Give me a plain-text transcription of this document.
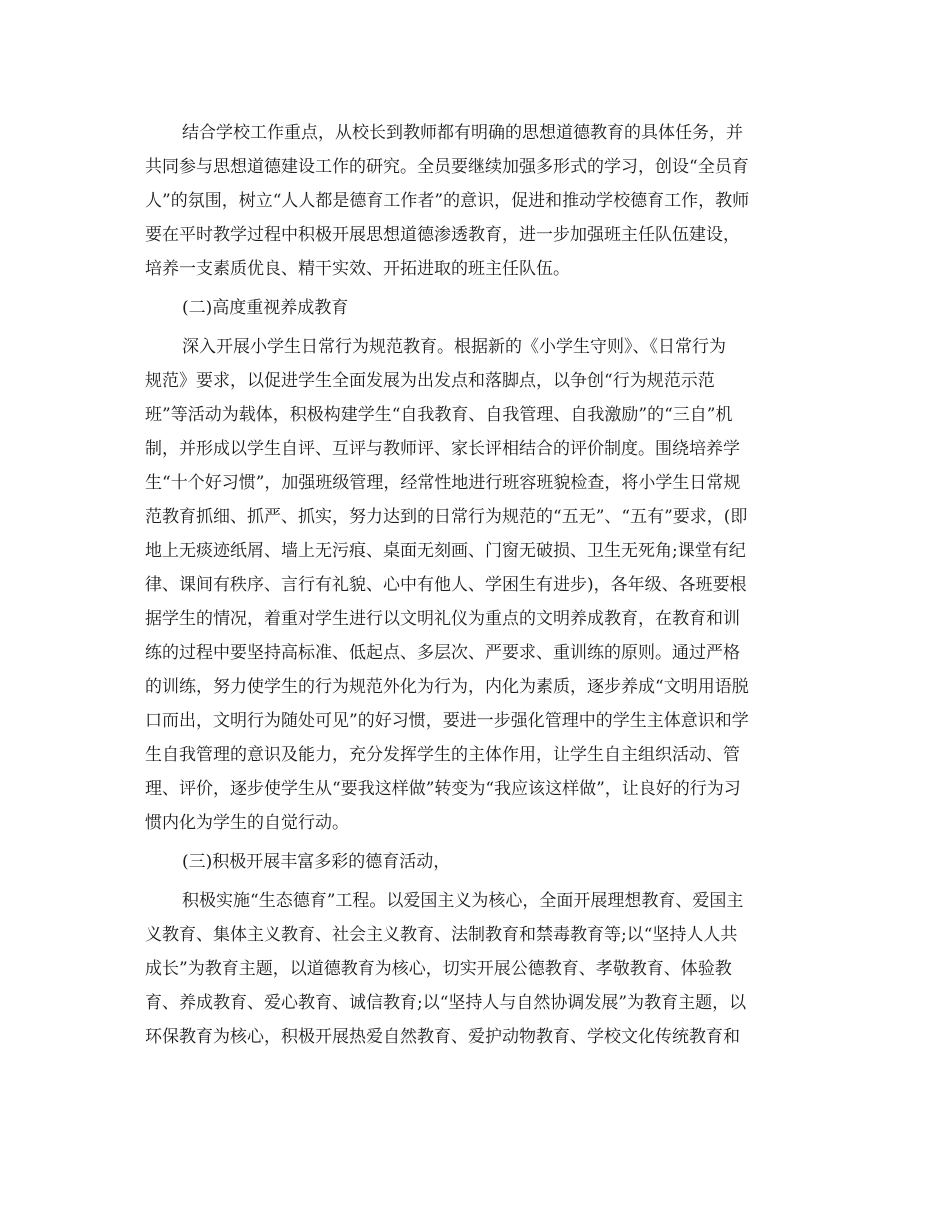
结合学校工作重点，从校长到教师都有明确的思想道德教育的具体任务，并
共同参与思想道德建设工作的研究。全员要继续加强多形式的学习，创设“全员育
人”的氛围，树立“人人都是德育工作者”的意识，促进和推动学校德育工作，教师
要在平时教学过程中积极开展思想道德渗透教育，进一步加强班主任队伍建设，
培养一支素质优良、精干实效、开拓进取的班主任队伍。
(二)高度重视养成教育
深入开展小学生日常行为规范教育。根据新的《小学生守则》、《日常行为
规范》要求，以促进学生全面发展为出发点和落脚点，以争创“行为规范示范
班”等活动为载体，积极构建学生“自我教育、自我管理、自我激励”的“三自”机
制，并形成以学生自评、互评与教师评、家长评相结合的评价制度。围绕培养学
生“十个好习惯”，加强班级管理，经常性地进行班容班貌检查，将小学生日常规
范教育抓细、抓严、抓实，努力达到的日常行为规范的“五无”、“五有”要求，(即
地上无痰迹纸屑、墙上无污痕、桌面无刻画、门窗无破损、卫生无死角;课堂有纪
律、课间有秩序、言行有礼貌、心中有他人、学困生有进步)，各年级、各班要根
据学生的情况，着重对学生进行以文明礼仪为重点的文明养成教育，在教育和训
练的过程中要坚持高标准、低起点、多层次、严要求、重训练的原则。通过严格
的训练，努力使学生的行为规范外化为行为，内化为素质，逐步养成“文明用语脱
口而出，文明行为随处可见”的好习惯，要进一步强化管理中的学生主体意识和学
生自我管理的意识及能力，充分发挥学生的主体作用，让学生自主组织活动、管
理、评价，逐步使学生从“要我这样做”转变为“我应该这样做”，让良好的行为习
惯内化为学生的自觉行动。
(三)积极开展丰富多彩的德育活动，
积极实施“生态德育”工程。以爱国主义为核心，全面开展理想教育、爱国主
义教育、集体主义教育、社会主义教育、法制教育和禁毒教育等;以“坚持人人共
成长”为教育主题，以道德教育为核心，切实开展公德教育、孝敬教育、体验教
育、养成教育、爱心教育、诚信教育;以“坚持人与自然协调发展”为教育主题，以
环保教育为核心，积极开展热爱自然教育、爱护动物教育、学校文化传统教育和
